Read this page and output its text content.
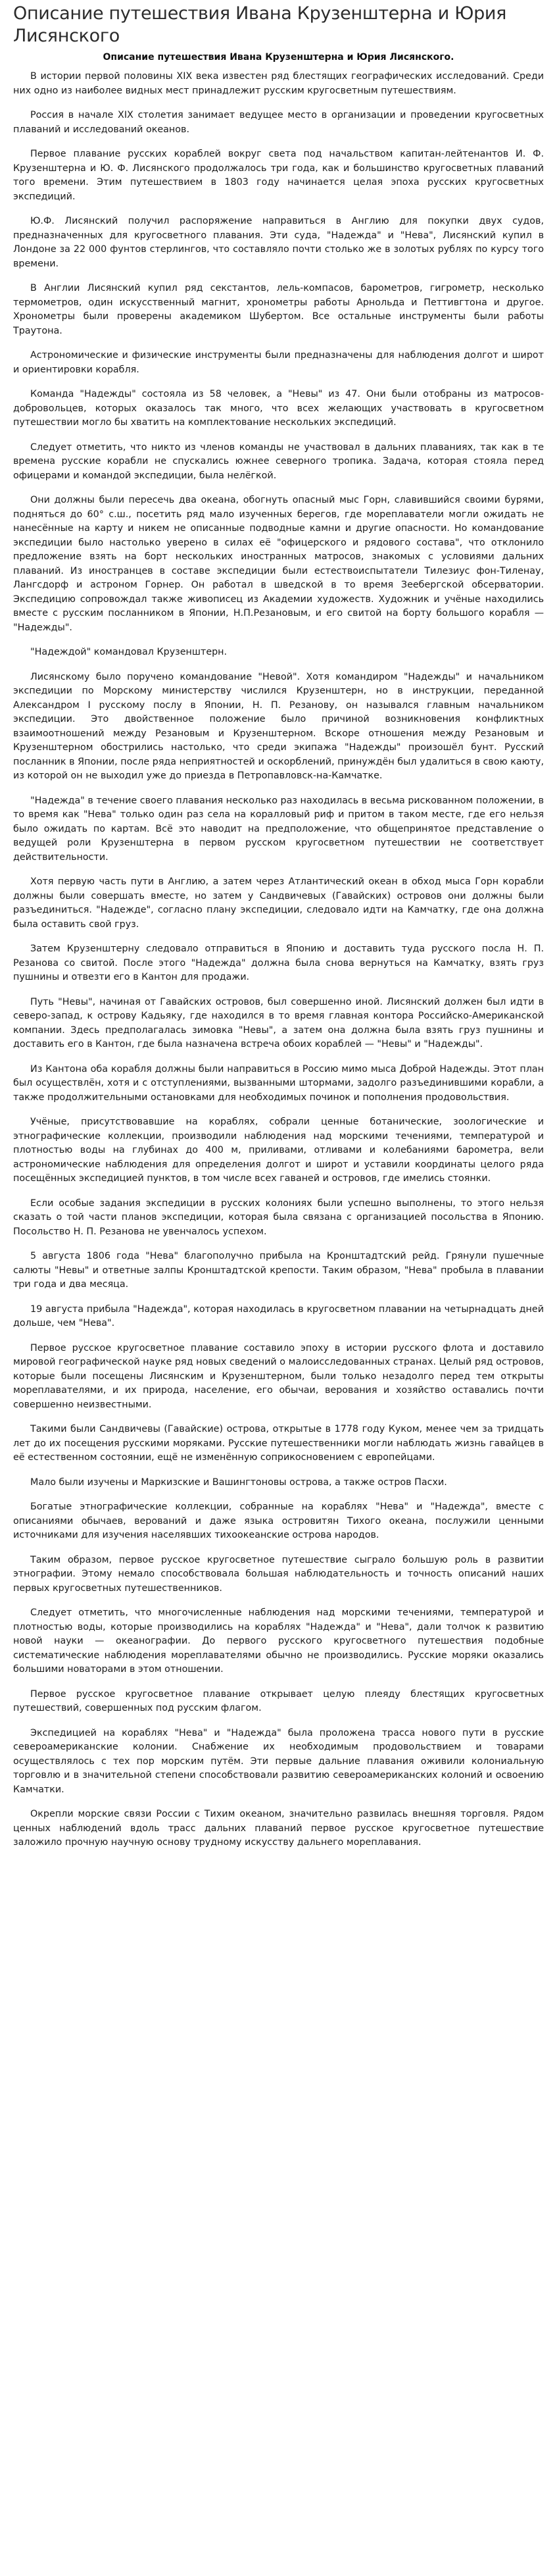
Описание путешествия Ивана Крузенштерна и Юрия Лисянского
Описание путешествия Ивана Крузенштерна и Юрия Лисянского.

В истории первой половины XIX века известен ряд блестящих географических исследований. Среди них одно из наиболее видных мест принадлежит русским кругосветным путешествиям.

Россия в начале XIX столетия занимает ведущее место в организации и проведении кругосветных плаваний и исследований океанов.

Первое плавание русских кораблей вокруг света под начальством капитан-лейтенантов И. Ф. Крузенштерна и Ю. Ф. Лисянского продолжалось три года, как и большинство кругосветных плаваний того времени. Этим путешествием в 1803 году начинается целая эпоха русских кругосветных экспедиций.

Ю.Ф. Лисянский получил распоряжение направиться в Англию для покупки двух судов, предназначенных для кругосветного плавания. Эти суда, "Надежда" и "Нева", Лисянский купил в Лондоне за 22 000 фунтов стерлингов, что составляло почти столько же в золотых рублях по курсу того времени.

В Англии Лисянский купил ряд секстантов, лель-компасов, барометров, гигрометр, несколько термометров, один искусственный магнит, хронометры работы Арнольда и Петтивгтона и другое. Хронометры были проверены академиком Шубертом. Все остальные инструменты были работы Траутона.

Астрономические и физические инструменты были предназначены для наблюдения долгот и широт и ориентировки корабля.

Команда "Надежды" состояла из 58 человек, а "Невы" из 47. Они были отобраны из матросов-добровольцев, которых оказалось так много, что всех желающих участвовать в кругосветном путешествии могло бы хватить на комплектование нескольких экспедиций.

Следует отметить, что никто из членов команды не участвовал в дальних плаваниях, так как в те времена русские корабли не спускались южнее северного тропика. Задача, которая стояла перед офицерами и командой экспедиции, была нелёгкой.

Они должны были пересечь два океана, обогнуть опасный мыс Горн, славившийся своими бурями, подняться до 60° с.ш., посетить ряд мало изученных берегов, где мореплаватели могли ожидать не нанесённые на карту и никем не описанные подводные камни и другие опасности. Но командование экспедиции было настолько уверено в силах её "офицерского и рядового состава", что отклонило предложение взять на борт нескольких иностранных матросов, знакомых с условиями дальних плаваний. Из иностранцев в составе экспедиции были естествоиспытатели Тилезиус фон-Тиленау, Лангсдорф и астроном Горнер. Он работал в шведской в то время Зеебергской обсерватории. Экспедицию сопровождал также живописец из Академии художеств. Художник и учёные находились вместе с русским посланником в Японии, Н.П.Резановым, и его свитой на борту большого корабля — "Надежды".

"Надеждой" командовал Крузенштерн.

Лисянскому было поручено командование "Невой". Хотя командиром "Надежды" и начальником экспедиции по Морскому министерству числился Крузенштерн, но в инструкции, переданной Александром I русскому послу в Японии, Н. П. Резанову, он назывался главным начальником экспедиции. Это двойственное положение было причиной возникновения конфликтных взаимоотношений между Резановым и Крузенштерном. Вскоре отношения между Резановым и Крузенштерном обострились настолько, что среди экипажа "Надежды" произошёл бунт. Русский посланник в Японии, после ряда неприятностей и оскорблений, принуждён был удалиться в свою каюту, из которой он не выходил уже до приезда в Петропавловск-на-Камчатке.

"Надежда" в течение своего плавания несколько раз находилась в весьма рискованном положении, в то время как "Нева" только один раз села на коралловый риф и притом в таком месте, где его нельзя было ожидать по картам. Всё это наводит на предположение, что общепринятое представление о ведущей роли Крузенштерна в первом русском кругосветном путешествии не соответствует действительности.

Хотя первую часть пути в Англию, а затем через Атлантический океан в обход мыса Горн корабли должны были совершать вместе, но затем у Сандвичевых (Гавайских) островов они должны были разъединиться. "Надежде", согласно плану экспедиции, следовало идти на Камчатку, где она должна была оставить свой груз.

Затем Крузенштерну следовало отправиться в Японию и доставить туда русского посла Н. П. Резанова со свитой. После этого "Надежда" должна была снова вернуться на Камчатку, взять груз пушнины и отвезти его в Кантон для продажи.

Путь "Невы", начиная от Гавайских островов, был совершенно иной. Лисянский должен был идти в северо-запад, к острову Кадьяку, где находился в то время главная контора Российско-Американской компании. Здесь предполагалась зимовка "Невы", а затем она должна была взять груз пушнины и доставить его в Кантон, где была назначена встреча обоих кораблей — "Невы" и "Надежды".

Из Кантона оба корабля должны были направиться в Россию мимо мыса Доброй Надежды. Этот план был осуществлён, хотя и с отступлениями, вызванными штормами, задолго разъединившими корабли, а также продолжительными остановками для необходимых починок и пополнения продовольствия.

Учёные, присутствовавшие на кораблях, собрали ценные ботанические, зоологические и этнографические коллекции, производили наблюдения над морскими течениями, температурой и плотностью воды на глубинах до 400 м, приливами, отливами и колебаниями барометра, вели астрономические наблюдения для определения долгот и широт и уставили координаты целого ряда посещённых экспедицией пунктов, в том числе всех гаваней и островов, где имелись стоянки.

Если особые задания экспедиции в русских колониях были успешно выполнены, то этого нельзя сказать о той части планов экспедиции, которая была связана с организацией посольства в Японию. Посольство Н. П. Резанова не увенчалось успехом.

5 августа 1806 года "Нева" благополучно прибыла на Кронштадтский рейд. Грянули пушечные салюты "Невы" и ответные залпы Кронштадтской крепости. Таким образом, "Нева" пробыла в плавании три года и два месяца.

19 августа прибыла "Надежда", которая находилась в кругосветном плавании на четырнадцать дней дольше, чем "Нева".

Первое русское кругосветное плавание составило эпоху в истории русского флота и доставило мировой географической науке ряд новых сведений о малоисследованных странах. Целый ряд островов, которые были посещены Лисянским и Крузенштерном, были только незадолго перед тем открыты мореплавателями, и их природа, население, его обычаи, верования и хозяйство оставались почти совершенно неизвестными.

Такими были Сандвичевы (Гавайские) острова, открытые в 1778 году Куком, менее чем за тридцать лет до их посещения русскими моряками. Русские путешественники могли наблюдать жизнь гавайцев в её естественном состоянии, ещё не изменённую соприкосновением с европейцами.

Мало были изучены и Маркизские и Вашингтоновы острова, а также остров Пасхи.

Богатые этнографические коллекции, собранные на кораблях "Нева" и "Надежда", вместе с описаниями обычаев, верований и даже языка островитян Тихого океана, послужили ценными источниками для изучения населявших тихоокеанские острова народов.

Таким образом, первое русское кругосветное путешествие сыграло большую роль в развитии этнографии. Этому немало способствовала большая наблюдательность и точность описаний наших первых кругосветных путешественников.

Следует отметить, что многочисленные наблюдения над морскими течениями, температурой и плотностью воды, которые производились на кораблях "Надежда" и "Нева", дали толчок к развитию новой науки — океанографии. До первого русского кругосветного путешествия подобные систематические наблюдения мореплавателями обычно не производились. Русские моряки оказались большими новаторами в этом отношении.

Первое русское кругосветное плавание открывает целую плеяду блестящих кругосветных путешествий, совершенных под русским флагом.

Экспедицией на кораблях "Нева" и "Надежда" была проложена трасса нового пути в русские североамериканские колонии. Снабжение их необходимым продовольствием и товарами осуществлялось с тех пор морским путём. Эти первые дальние плавания оживили колониальную торговлю и в значительной степени способствовали развитию североамериканских колоний и освоению Камчатки.

Окрепли морские связи России с Тихим океаном, значительно развилась внешняя торговля. Рядом ценных наблюдений вдоль трасс дальних плаваний первое русское кругосветное путешествие заложило прочную научную основу трудному искусству дальнего мореплавания.
